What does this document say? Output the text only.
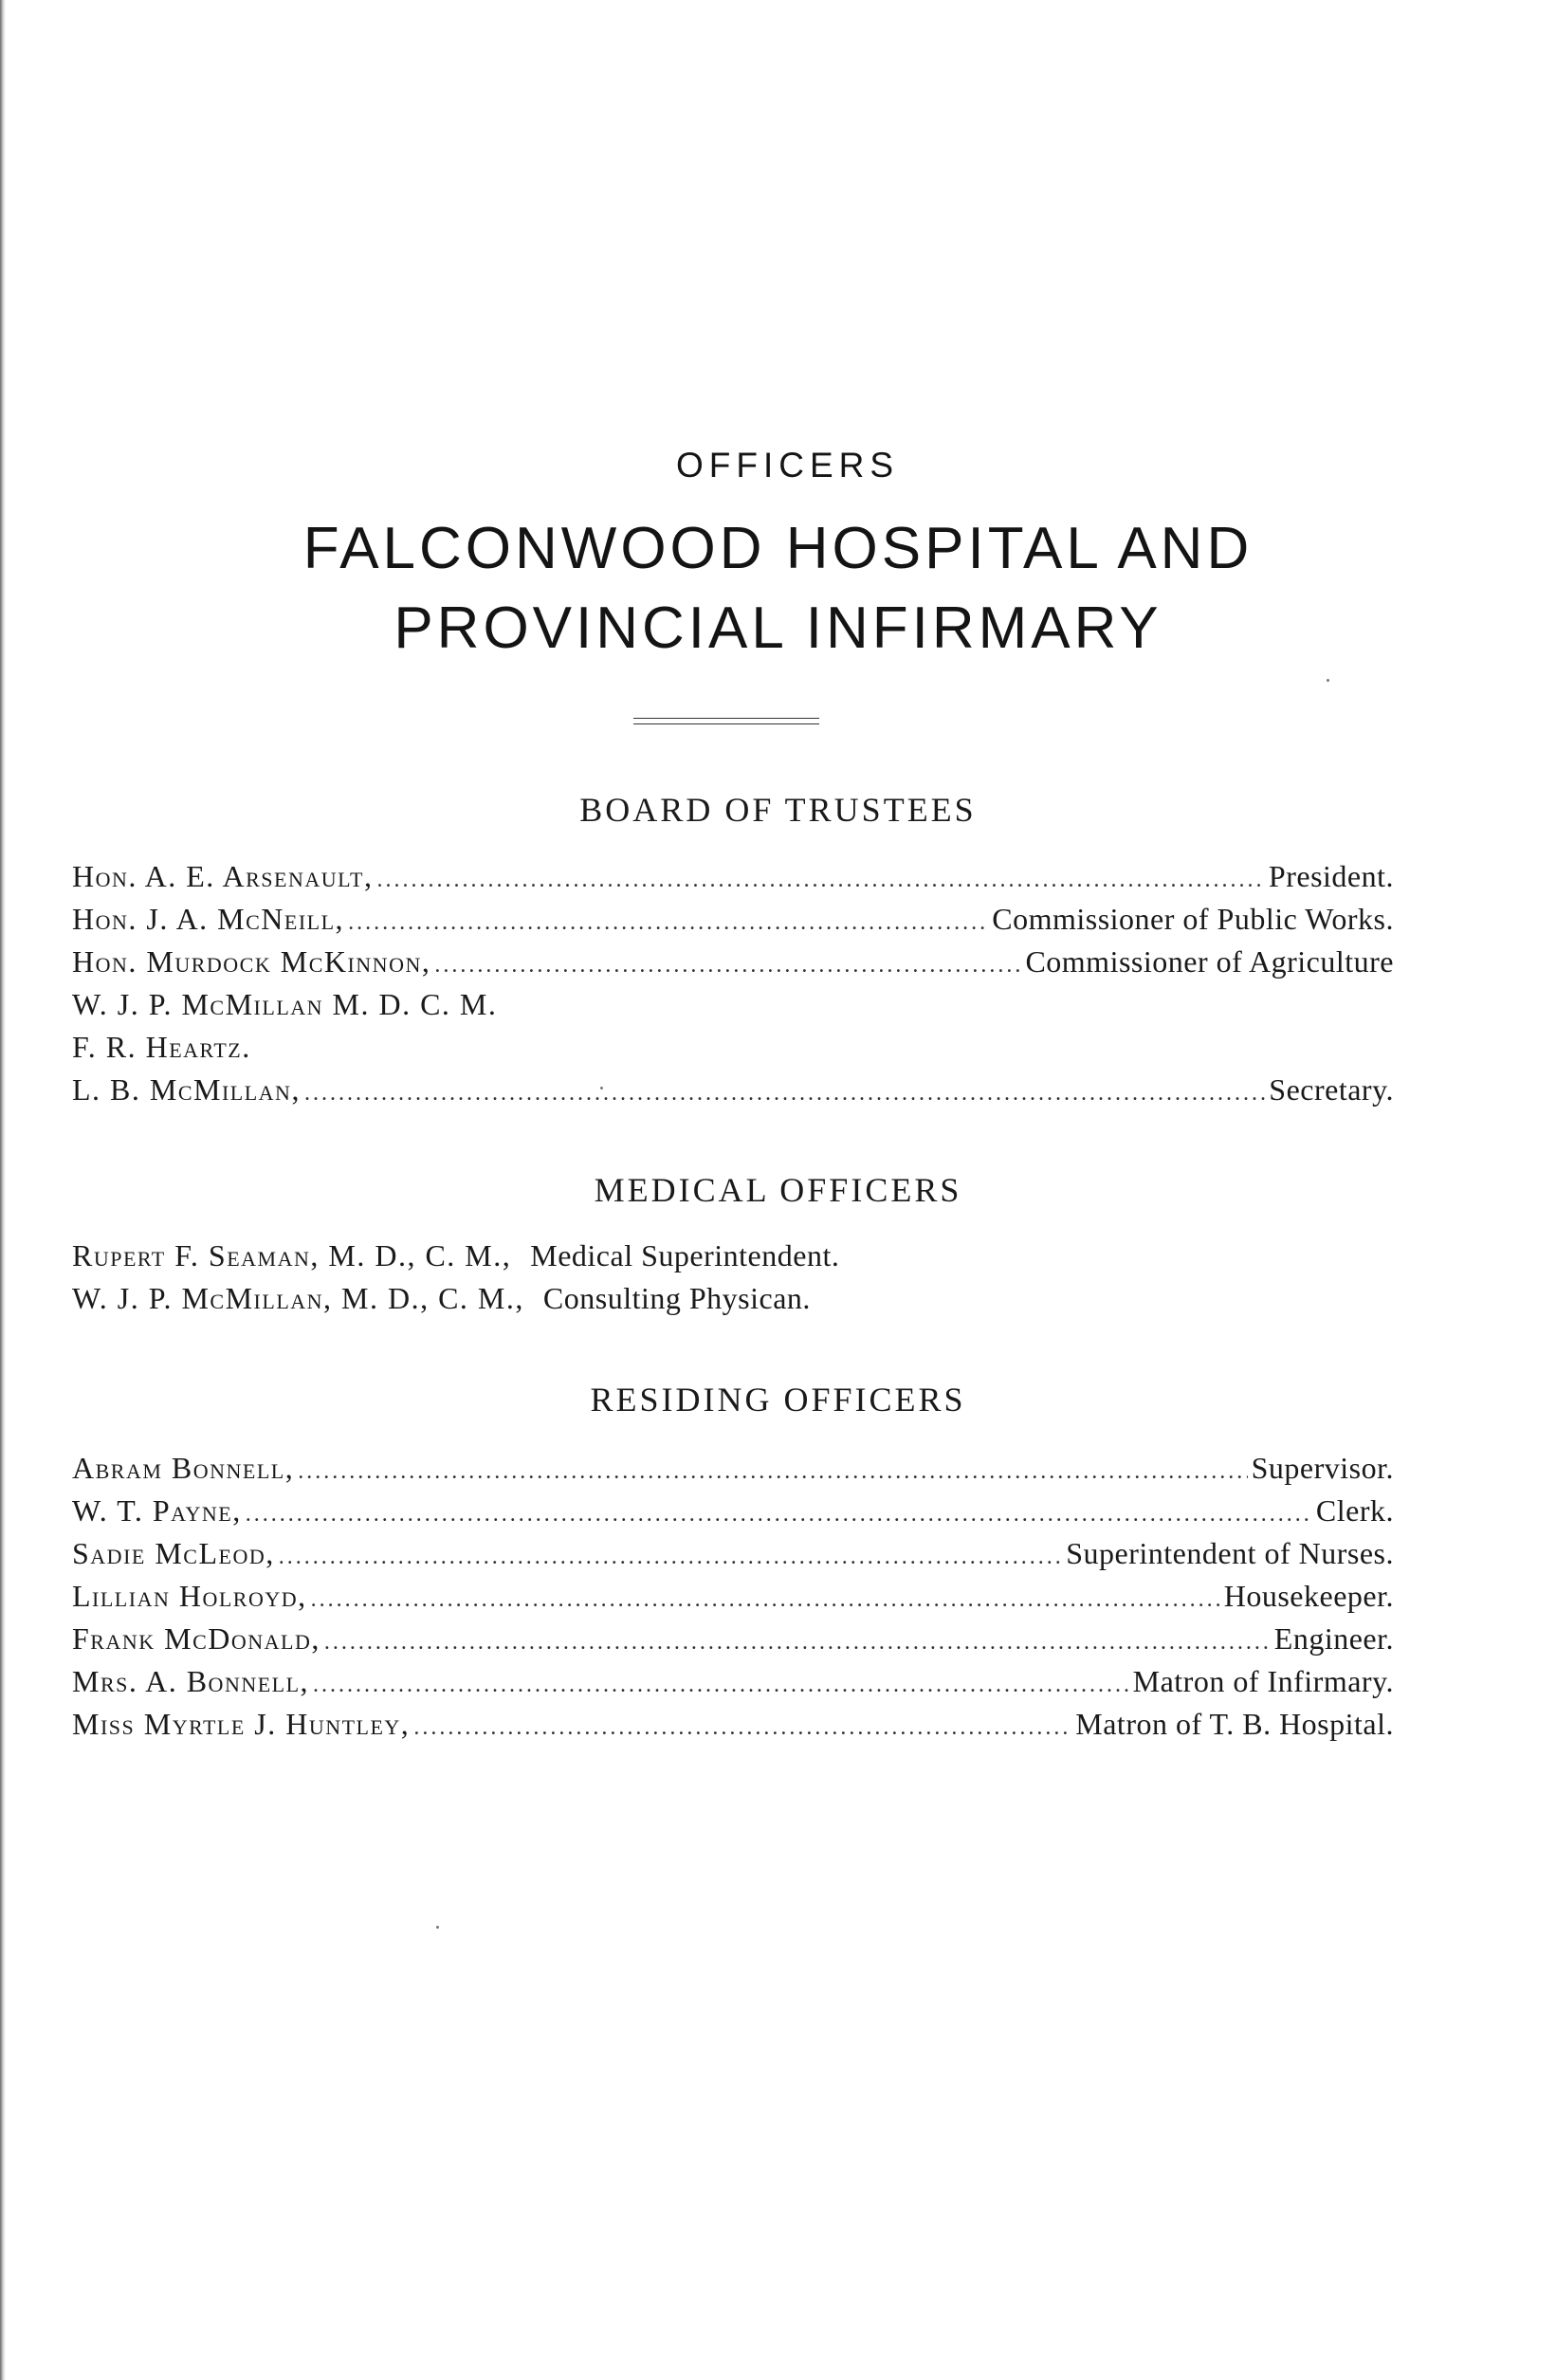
OFFICERS
FALCONWOOD HOSPITAL AND
PROVINCIAL INFIRMARY
BOARD OF TRUSTEES
Hon. A. E. Arsenault, .....	President.
Hon. J. A. McNeill, .....	Commissioner of Public Works.
Hon. Murdock McKinnon, .....	Commissioner of Agriculture
W. J. P. McMillan M. D. C. M.
F. R. Heartz.
L. B. McMillan, .....	Secretary.
MEDICAL OFFICERS
Rupert F. Seaman, M. D., C. M., Medical Superintendent.
W. J. P. McMillan, M. D., C. M., Consulting Physican.
RESIDING OFFICERS
Abram Bonnell, .....	Supervisor.
W. T. Payne, .....	Clerk.
Sadie McLeod, .....	Superintendent of Nurses.
Lillian Holroyd, .....	Housekeeper.
Frank McDonald, .....	Engineer.
Mrs. A. Bonnell, .....	Matron of Infirmary.
Miss Myrtle J. Huntley, .....	Matron of T. B. Hospital.
